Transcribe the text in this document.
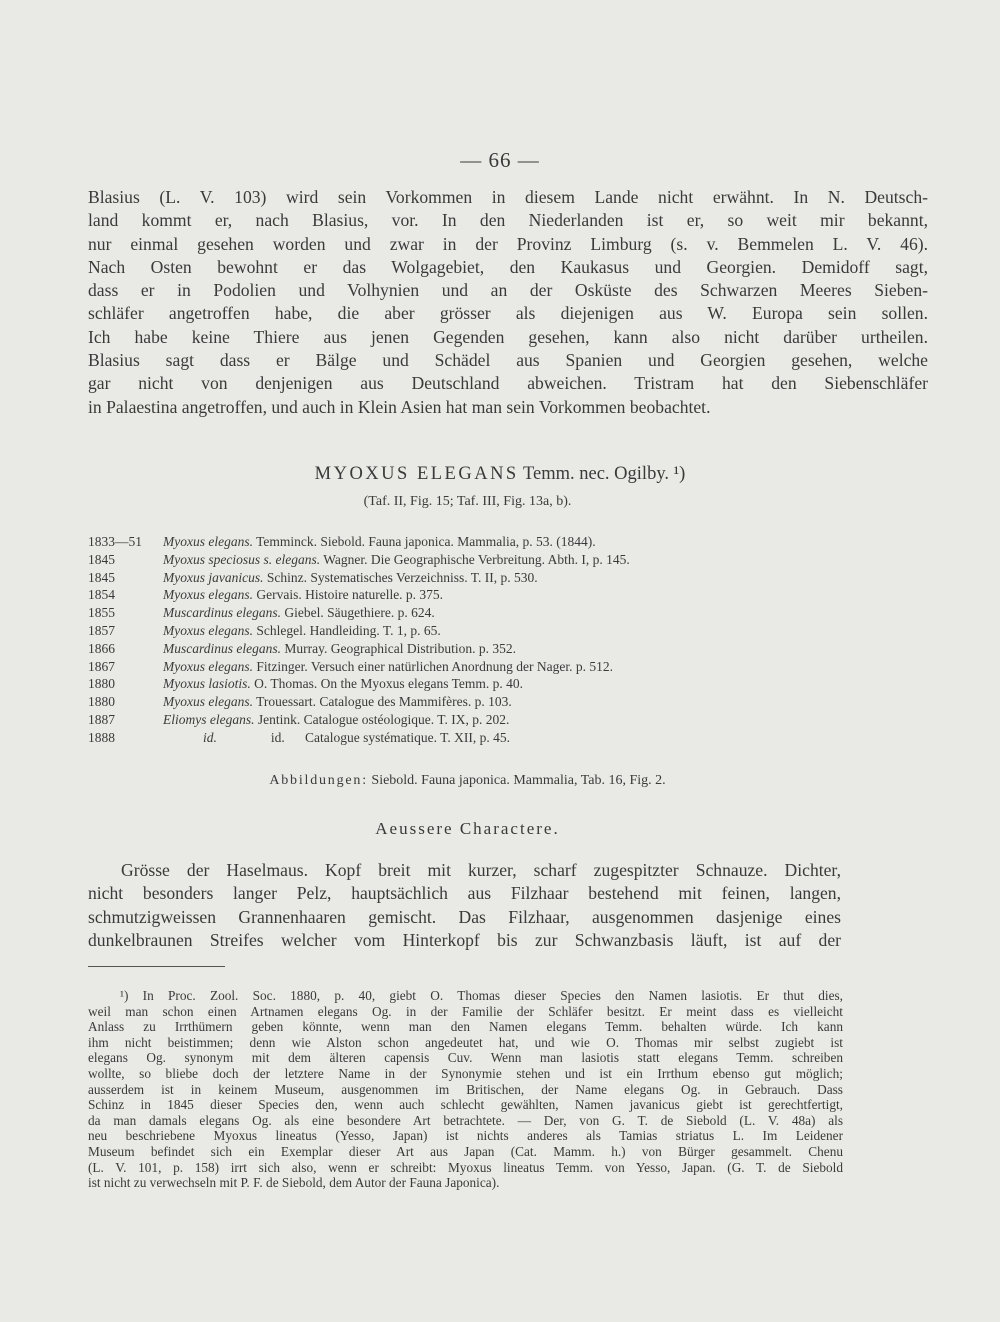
— 66 —
Blasius (L. V. 103) wird sein Vorkommen in diesem Lande nicht erwähnt. In N. Deutsch-
land kommt er, nach Blasius, vor. In den Niederlanden ist er, so weit mir bekannt,
nur einmal gesehen worden und zwar in der Provinz Limburg (s. v. Bemmelen L. V. 46).
Nach Osten bewohnt er das Wolgagebiet, den Kaukasus und Georgien. Demidoff sagt,
dass er in Podolien und Volhynien und an der Osküste des Schwarzen Meeres Sieben-
schläfer angetroffen habe, die aber grösser als diejenigen aus W. Europa sein sollen.
Ich habe keine Thiere aus jenen Gegenden gesehen, kann also nicht darüber urtheilen.
Blasius sagt dass er Bälge und Schädel aus Spanien und Georgien gesehen, welche
gar nicht von denjenigen aus Deutschland abweichen. Tristram hat den Siebenschläfer
in Palaestina angetroffen, und auch in Klein Asien hat man sein Vorkommen beobachtet.
MYOXUS ELEGANS Temm. nec. Ogilby. ¹)
(Taf. II, Fig. 15; Taf. III, Fig. 13a, b).
1833—51	Myoxus elegans. Temminck. Siebold. Fauna japonica. Mammalia, p. 53. (1844).
1845	Myoxus speciosus s. elegans. Wagner. Die Geographische Verbreitung. Abth. I, p. 145.
1845	Myoxus javanicus. Schinz. Systematisches Verzeichniss. T. II, p. 530.
1854	Myoxus elegans. Gervais. Histoire naturelle. p. 375.
1855	Muscardinus elegans. Giebel. Säugethiere. p. 624.
1857	Myoxus elegans. Schlegel. Handleiding. T. 1, p. 65.
1866	Muscardinus elegans. Murray. Geographical Distribution. p. 352.
1867	Myoxus elegans. Fitzinger. Versuch einer natürlichen Anordnung der Nager. p. 512.
1880	Myoxus lasiotis. O. Thomas. On the Myoxus elegans Temm. p. 40.
1880	Myoxus elegans. Trouessart. Catalogue des Mammifères. p. 103.
1887	Eliomys elegans. Jentink. Catalogue ostéologique. T. IX, p. 202.
1888	id.                id.      Catalogue systématique. T. XII, p. 45.
Abbildungen: Siebold. Fauna japonica. Mammalia, Tab. 16, Fig. 2.
Aeussere Charactere.
Grösse der Haselmaus. Kopf breit mit kurzer, scharf zugespitzter Schnauze. Dichter,
nicht besonders langer Pelz, hauptsächlich aus Filzhaar bestehend mit feinen, langen,
schmutzigweissen Grannenhaaren gemischt. Das Filzhaar, ausgenommen dasjenige eines
dunkelbraunen Streifes welcher vom Hinterkopf bis zur Schwanzbasis läuft, ist auf der
¹) In Proc. Zool. Soc. 1880, p. 40, giebt O. Thomas dieser Species den Namen lasiotis. Er thut dies,
weil man schon einen Artnamen elegans Og. in der Familie der Schläfer besitzt. Er meint dass es vielleicht
Anlass zu Irrthümern geben könnte, wenn man den Namen elegans Temm. behalten würde. Ich kann
ihm nicht beistimmen; denn wie Alston schon angedeutet hat, und wie O. Thomas mir selbst zugiebt ist
elegans Og. synonym mit dem älteren capensis Cuv. Wenn man lasiotis statt elegans Temm. schreiben
wollte, so bliebe doch der letztere Name in der Synonymie stehen und ist ein Irrthum ebenso gut möglich;
ausserdem ist in keinem Museum, ausgenommen im Britischen, der Name elegans Og. in Gebrauch. Dass
Schinz in 1845 dieser Species den, wenn auch schlecht gewählten, Namen javanicus giebt ist gerechtfertigt,
da man damals elegans Og. als eine besondere Art betrachtete. — Der, von G. T. de Siebold (L. V. 48a) als
neu beschriebene Myoxus lineatus (Yesso, Japan) ist nichts anderes als Tamias striatus L. Im Leidener
Museum befindet sich ein Exemplar dieser Art aus Japan (Cat. Mamm. h.) von Bürger gesammelt. Chenu
(L. V. 101, p. 158) irrt sich also, wenn er schreibt: Myoxus lineatus Temm. von Yesso, Japan. (G. T. de Siebold
ist nicht zu verwechseln mit P. F. de Siebold, dem Autor der Fauna Japonica).
